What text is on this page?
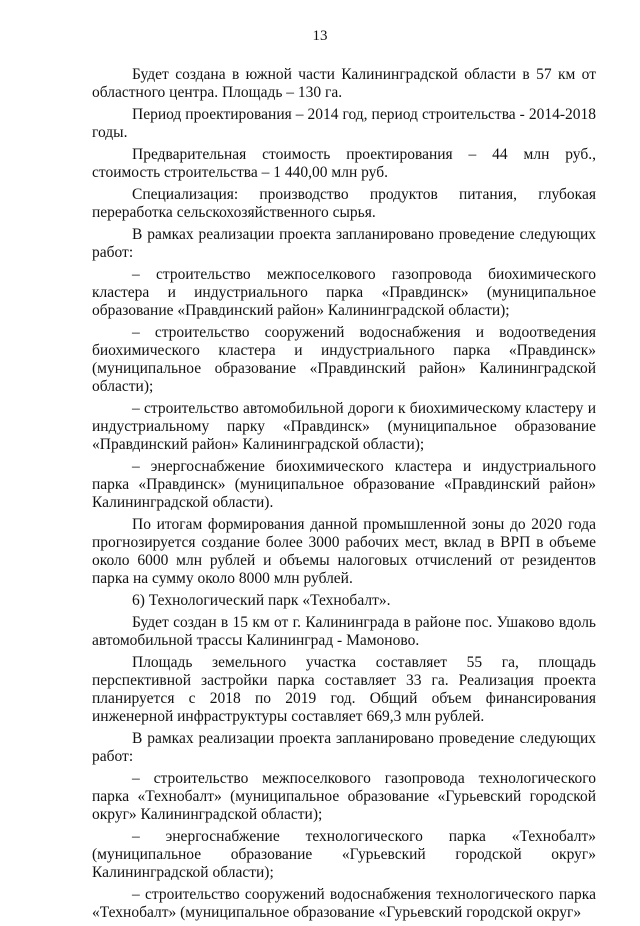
13

Будет создана в южной части Калининградской области в 57 км от областного центра. Площадь – 130 га.

Период проектирования – 2014 год, период строительства - 2014-2018 годы.

Предварительная стоимость проектирования – 44 млн руб., стоимость строительства – 1 440,00 млн руб.

Специализация: производство продуктов питания, глубокая переработка сельскохозяйственного сырья.

В рамках реализации проекта запланировано проведение следующих работ:

– строительство межпоселкового газопровода биохимического кластера и индустриального парка «Правдинск» (муниципальное образование «Правдинский район» Калининградской области);

– строительство сооружений водоснабжения и водоотведения биохимического кластера и индустриального парка «Правдинск» (муниципальное образование «Правдинский район» Калининградской области);

– строительство автомобильной дороги к биохимическому кластеру и индустриальному парку «Правдинск» (муниципальное образование «Правдинский район» Калининградской области);

– энергоснабжение биохимического кластера и индустриального парка «Правдинск» (муниципальное образование «Правдинский район» Калининградской области).

По итогам формирования данной промышленной зоны до 2020 года прогнозируется создание более 3000 рабочих мест, вклад в ВРП в объеме около 6000 млн рублей и объемы налоговых отчислений от резидентов парка на сумму около 8000 млн рублей.

6) Технологический парк «Технобалт».

Будет создан в 15 км от г. Калининграда в районе пос. Ушаково вдоль автомобильной трассы Калининград - Мамоново.

Площадь земельного участка составляет 55 га, площадь перспективной застройки парка составляет 33 га. Реализация проекта планируется с 2018 по 2019 год. Общий объем финансирования инженерной инфраструктуры составляет 669,3 млн рублей.

В рамках реализации проекта запланировано проведение следующих работ:

– строительство межпоселкового газопровода технологического парка «Технобалт» (муниципальное образование «Гурьевский городской округ» Калининградской области);

– энергоснабжение технологического парка «Технобалт» (муниципальное образование «Гурьевский городской округ» Калининградской области);

– строительство сооружений водоснабжения технологического парка «Технобалт» (муниципальное образование «Гурьевский городской округ»
